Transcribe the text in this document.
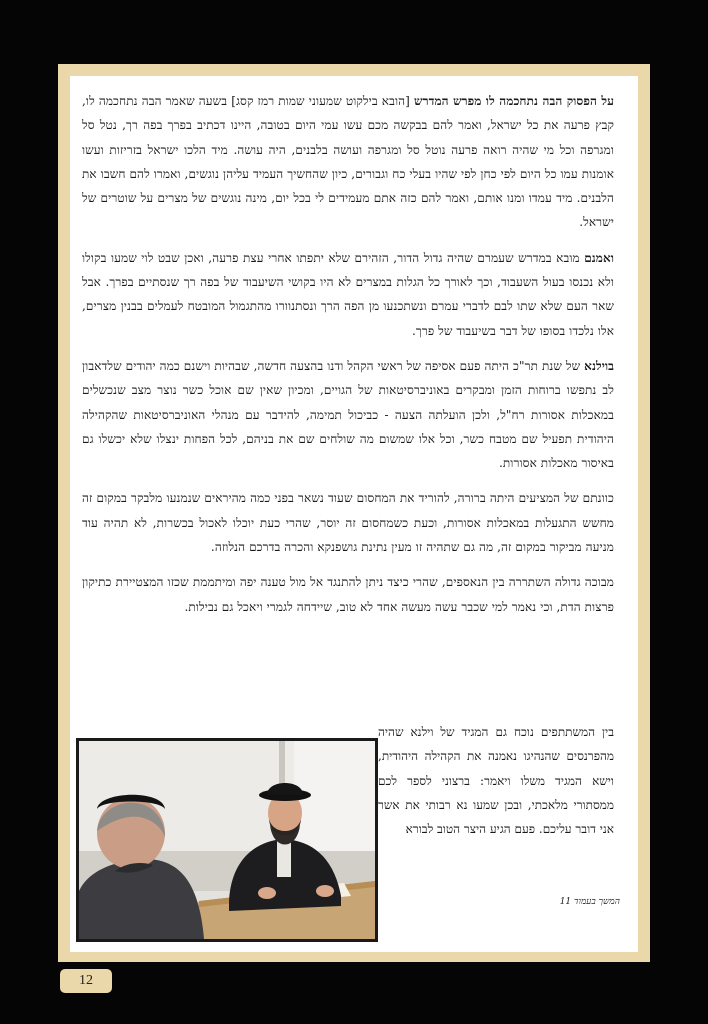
על הפסוק הבה נתחכמה לו מפרש המדרש [הובא בילקוט שמעוני שמות רמז קסג] בשעה שאמר הבה נתחכמה לו, קבץ פרעה את כל ישראל, ואמר להם בבקשה מכם עשו עמי היום בטובה, היינו דכתיב בפרך בפה רך, נטל סל ומגרפה וכל מי שהיה רואה פרעה נוטל סל ומגרפה ועושה בלבנים, היה עושה. מיד הלכו ישראל בזריזות ועשו אומנות עמו כל היום לפי כחן לפי שהיו בעלי כח וגבורים, כיון שהחשיך העמיד עליהן נוגשים, ואמרו להם חשבו את הלבנים. מיד עמדו ומנו אותם, ואמר להם כזה אתם מעמידים לי בכל יום, מינה נוגשים של מצרים על שוטרים של ישראל.

ואמנם מובא במדרש שעמרם שהיה גדול הדור, הזהירם שלא יתפתו אחרי עצת פרעה, ואכן שבט לוי שמעו בקולו ולא נכנסו בעול השעבוד, וכך לאורך כל הגלות במצרים לא היו בקושי השיעבוד של בפה רך שנסתיים בפרך. אבל שאר העם שלא שתו לבם לדברי עמרם ונשתכנעו מן הפה הרך ונסתנוורו מהתגמול המובטח לעמלים בבנין מצרים, אלו נלכדו בסופו של דבר בשיעבוד של פרך.

בוילנא של שנת תר"כ היתה פעם אסיפה של ראשי הקהל ודנו בהצעה חדשה, שבהיות וישנם כמה יהודים שלדאבון לב נתפשו ברוחות הזמן ומבקרים באוניברסיטאות של הגויים, ומכיון שאין שם אוכל כשר נוצר מצב שנכשלים במאכלות אסורות רח"ל, ולכן הועלתה הצעה - כביכול תמימה, להידבר עם מנהלי האוניברסיטאות שהקהילה היהודית תפעיל שם מטבח כשר, וכל אלו שמשום מה שולחים שם את בניהם, לכל הפחות ינצלו שלא יכשלו גם באיסור מאכלות אסורות.

כוונתם של המציעים היתה ברורה, להוריד את המחסום שעוד נשאר בפני כמה מהיראים שנמנעו מלבקר במקום זה מחשש התגעלות במאכלות אסורות, וכעת כשמחסום זה יוסר, שהרי כעת יוכלו לאכול בכשרות, לא תהיה עוד מניעה מביקור במקום זה, מה גם שתהיה זו מעין נתינת גושפנקא והכרה בדרכם הנלוזה.

מבוכה גדולה השתררה בין הנאספים, שהרי כיצד ניתן להתנגד אל מול טענה יפה ומיתממת שכזו המצטיירת כתיקון פרצות הדת, וכי נאמר למי שכבר עשה מעשה אחד לא טוב, שיידחה לגמרי ויאכל גם נבילות.

בין המשתתפים נוכח גם המגיד של וילנא שהיה מהפרנסים שהנהיגו נאמנה את הקהילה היהודית, וישא המגיד משלו ויאמר: ברצוני לספר לכם ממסתורי מלאכתי, ובכן שמעו נא רבותי את אשר אני דובר עליכם. פעם הגיע היצר הטוב לבורא

המשך בעמוד 11
12
